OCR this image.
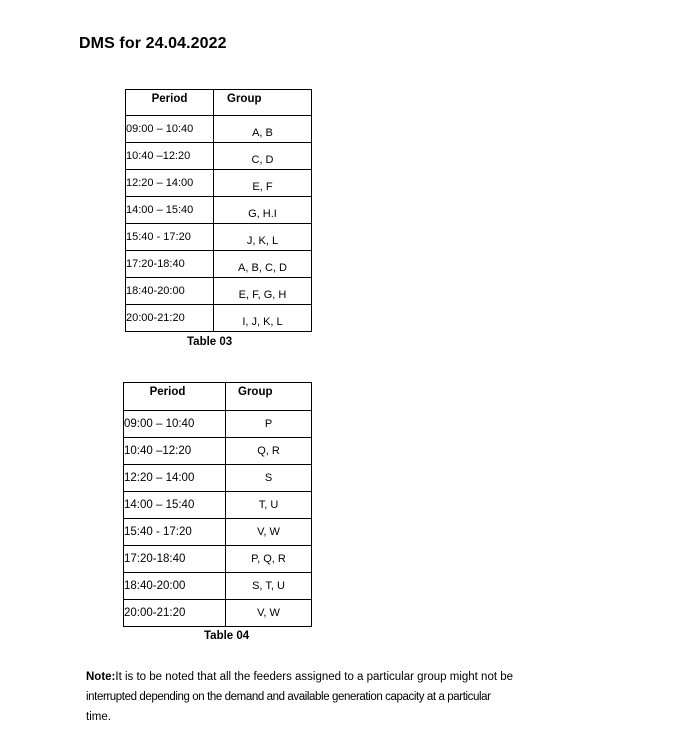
DMS for 24.04.2022
Period	Group
09:00 – 10:40	A, B
10:40 –12:20	C, D
12:20 – 14:00	E, F
14:00 – 15:40	G, H.I
15:40 - 17:20	J, K, L
17:20-18:40	A, B, C, D
18:40-20:00	E, F, G, H
20:00-21:20	I, J, K, L
Table 03
Period	Group
09:00 – 10:40	P
10:40 –12:20	Q, R
12:20 – 14:00	S
14:00 – 15:40	T, U
15:40 - 17:20	V, W
17:20-18:40	P, Q, R
18:40-20:00	S, T, U
20:00-21:20	V, W
Table 04
Note:It is to be noted that all the feeders assigned to a particular group might not be
interrupted depending on the demand and available generation capacity at a particular
time.
